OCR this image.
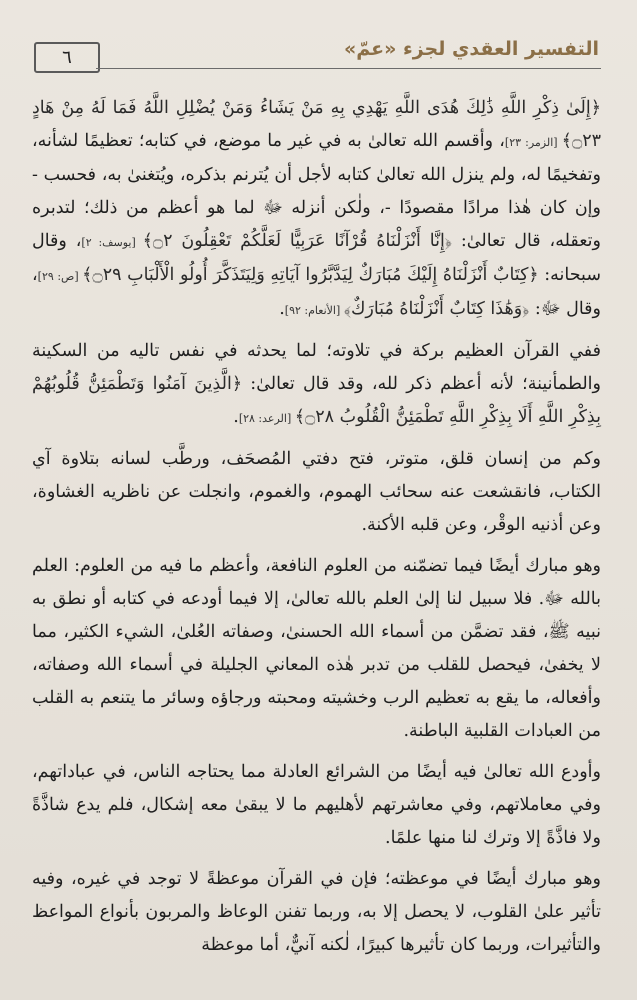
٦	التفسير العقدي لجزء «عمّ»

﴿إِلَىٰ ذِكْرِ اللَّهِ ذَٰلِكَ هُدَى اللَّهِ يَهْدِي بِهِ مَنْ يَشَاءُ وَمَنْ يُضْلِلِ اللَّهُ فَمَا لَهُ مِنْ هَادٍ ۝٢٣﴾ [الزمر: ٢٣]، وأقسم الله تعالىٰ به في غير ما موضع، في كتابه؛ تعظيمًا لشأنه، وتفخيمًا له، ولم ينزل الله تعالىٰ كتابه لأجل أن يُترنم بذكره، ويُتغنىٰ به، فحسب - وإن كان هٰذا مرادًا مقصودًا -، ولٰكن أنزله ﷻ لما هو أعظم من ذلك؛ لتدبره وتعقله، قال تعالىٰ: ﴿إِنَّا أَنْزَلْنَاهُ قُرْآنًا عَرَبِيًّا لَعَلَّكُمْ تَعْقِلُونَ ۝٢﴾ [يوسف: ٢]، وقال سبحانه: ﴿كِتَابٌ أَنْزَلْنَاهُ إِلَيْكَ مُبَارَكٌ لِيَدَّبَّرُوا آيَاتِهِ وَلِيَتَذَكَّرَ أُولُو الْأَلْبَابِ ۝٢٩﴾ [ص: ٢٩]، وقال ﷻ: ﴿وَهَٰذَا كِتَابٌ أَنْزَلْنَاهُ مُبَارَكٌ﴾ [الأنعام: ٩٢].

ففي القرآن العظيم بركة في تلاوته؛ لما يحدثه في نفس تاليه من السكينة والطمأنينة؛ لأنه أعظم ذكر لله، وقد قال تعالىٰ: ﴿الَّذِينَ آمَنُوا وَتَطْمَئِنُّ قُلُوبُهُمْ بِذِكْرِ اللَّهِ أَلَا بِذِكْرِ اللَّهِ تَطْمَئِنُّ الْقُلُوبُ ۝٢٨﴾ [الرعد: ٢٨].

وكم من إنسان قلق، متوتر، فتح دفتي المُصحَف، ورطَّب لسانه بتلاوة آي الكتاب، فانقشعت عنه سحائب الهموم، والغموم، وانجلت عن ناظريه الغشاوة، وعن أذنيه الوقْر، وعن قلبه الأكنة.

وهو مبارك أيضًا فيما تضمّنه من العلوم النافعة، وأعظم ما فيه من العلوم: العلم بالله ﷻ. فلا سبيل لنا إلىٰ العلم بالله تعالىٰ، إلا فيما أودعه في كتابه أو نطق به نبيه ﷺ، فقد تضمَّن من أسماء الله الحسنىٰ، وصفاته العُلىٰ، الشيء الكثير، مما لا يخفىٰ، فيحصل للقلب من تدبر هٰذه المعاني الجليلة في أسماء الله وصفاته، وأفعاله، ما يقع به تعظيم الرب وخشيته ومحبته ورجاؤه وسائر ما يتنعم به القلب من العبادات القلبية الباطنة.

وأودع الله تعالىٰ فيه أيضًا من الشرائع العادلة مما يحتاجه الناس، في عباداتهم، وفي معاملاتهم، وفي معاشرتهم لأهليهم ما لا يبقىٰ معه إشكال، فلم يدع شاذَّةً ولا فاذَّةً إلا وترك لنا منها علمًا.

وهو مبارك أيضًا في موعظته؛ فإن في القرآن موعظةً لا توجد في غيره، وفيه تأثير علىٰ القلوب، لا يحصل إلا به، وربما تفنن الوعاظ والمربون بأنواع المواعظ والتأثيرات، وربما كان تأثيرها كبيرًا، لٰكنه آنيٌّ، أما موعظة
